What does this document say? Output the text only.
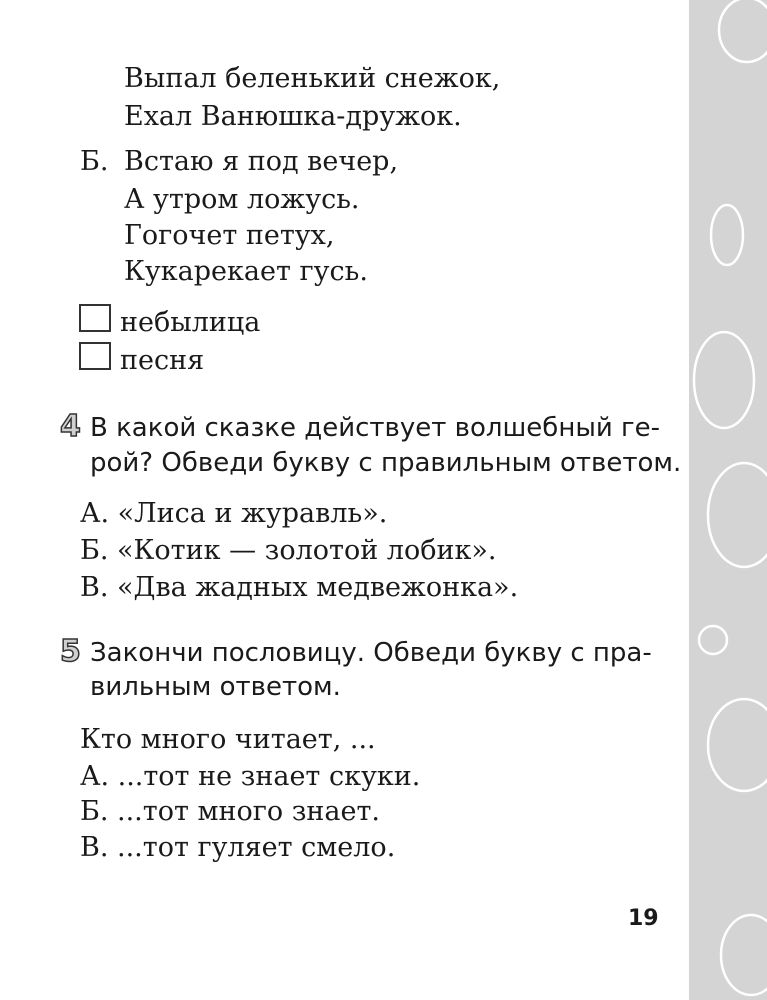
Выпал беленький снежок,
Ехал Ванюшка-дружок.
Б. Встаю я под вечер,
А утром ложусь.
Гогочет петух,
Кукарекает гусь.
небылица
песня
4 В какой сказке действует волшебный ге-
рой? Обведи букву с правильным ответом.
А. «Лиса и журавль».
Б. «Котик — золотой лобик».
В. «Два жадных медвежонка».
5 Закончи пословицу. Обведи букву с пра-
вильным ответом.
Кто много читает, ...
А. ...тот не знает скуки.
Б. ...тот много знает.
В. ...тот гуляет смело.
19
